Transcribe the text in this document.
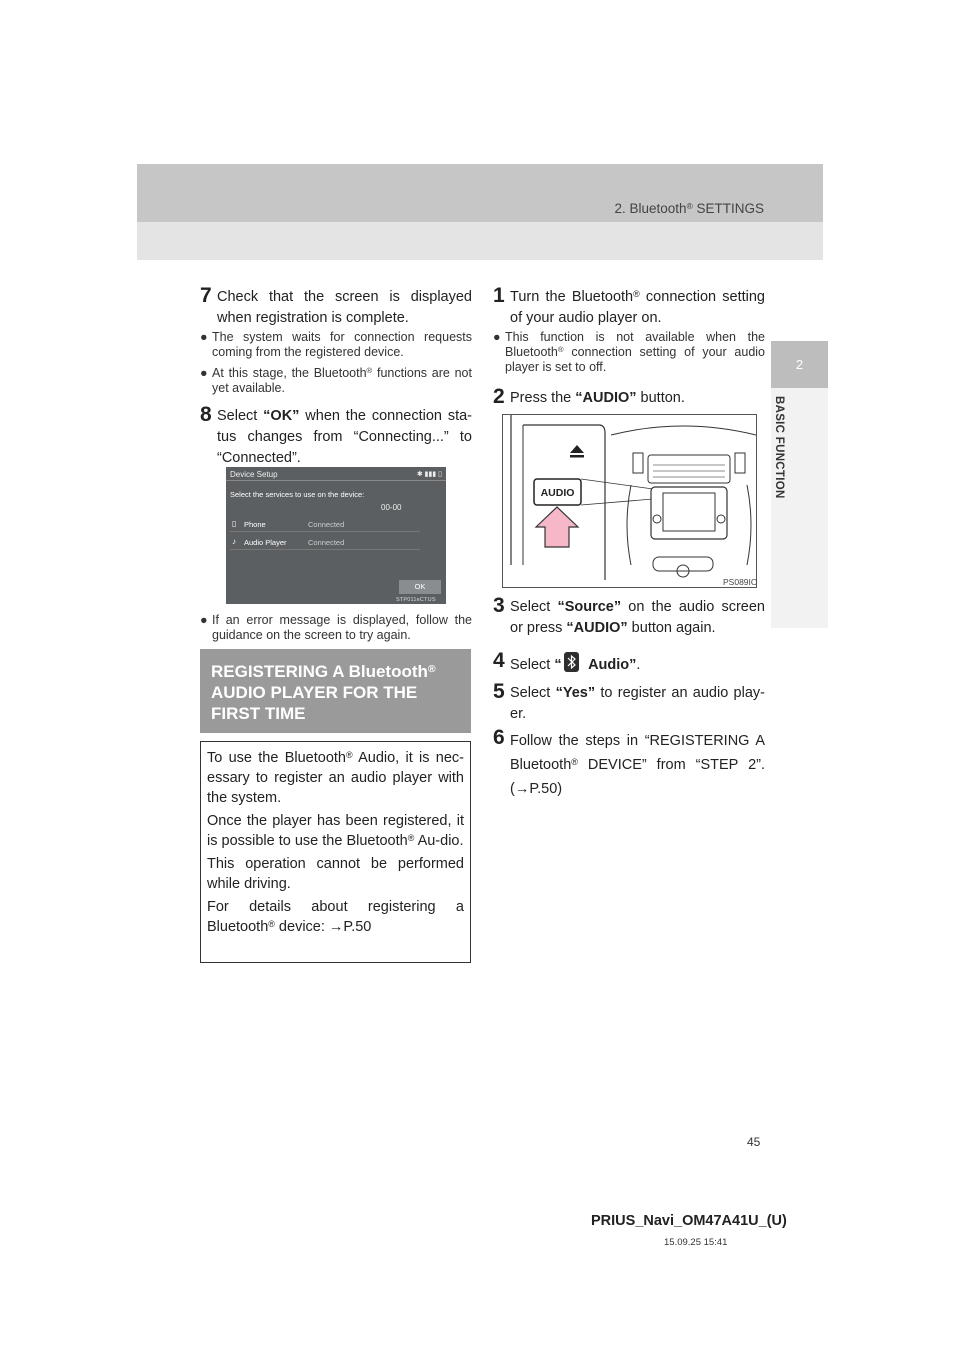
2. Bluetooth® SETTINGS
2
BASIC FUNCTION
7 Check that the screen is displayed when registration is complete.
● The system waits for connection requests coming from the registered device.
● At this stage, the Bluetooth® functions are not yet available.
8 Select “OK” when the connection sta-tus changes from “Connecting...” to “Connected”.
Device Setup	✱ ▮▮▮ ▯
Select the services to use on the device:
00-00
▯ Phone	Connected
♪ Audio Player	Connected
OK
STP011eCTUS
● If an error message is displayed, follow the guidance on the screen to try again.
REGISTERING A Bluetooth®
AUDIO PLAYER FOR THE FIRST TIME

To use the Bluetooth® Audio, it is nec-essary to register an audio player with the system.

Once the player has been registered, it is possible to use the Bluetooth® Au-dio.

This operation cannot be performed while driving.

For details about registering a Bluetooth® device: →P.50

1 Turn the Bluetooth® connection setting of your audio player on.
● This function is not available when the Bluetooth® connection setting of your audio player is set to off.
2 Press the “AUDIO” button.
AUDIO
PS089IO
3 Select “Source” on the audio screen or press “AUDIO” button again.
4 Select “ Audio”.
5 Select “Yes” to register an audio play-er.
6 Follow the steps in “REGISTERING A Bluetooth® DEVICE” from “STEP 2”. (→P.50)
45
PRIUS_Navi_OM47A41U_(U)
15.09.25 15:41
